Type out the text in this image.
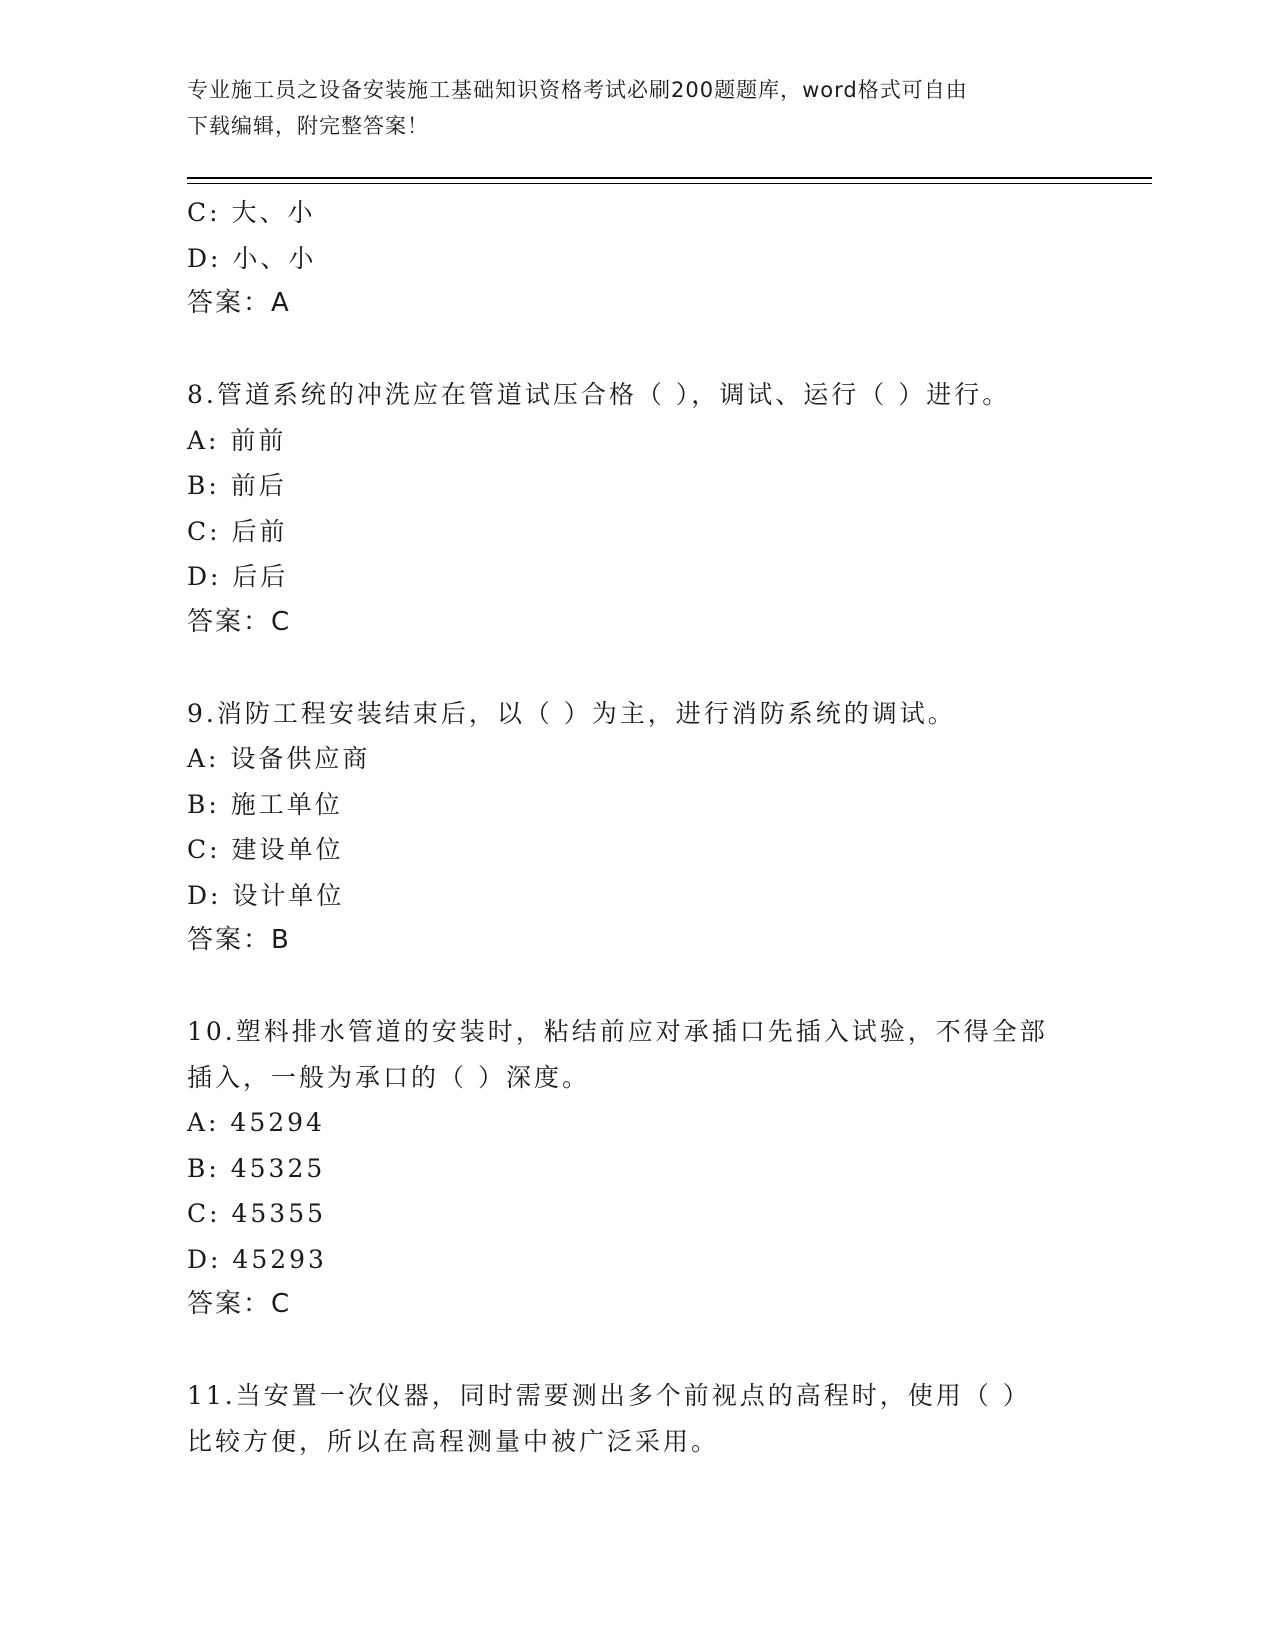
专业施工员之设备安装施工基础知识资格考试必刷200题题库，word格式可自由
下载编辑，附完整答案！
C: 大、小
D: 小、小
答案：A
8.管道系统的冲洗应在管道试压合格（ ），调试、运行（ ）进行。
A: 前前
B: 前后
C: 后前
D: 后后
答案：C
9.消防工程安装结束后，以（ ）为主，进行消防系统的调试。
A: 设备供应商
B: 施工单位
C: 建设单位
D: 设计单位
答案：B
10.塑料排水管道的安装时，粘结前应对承插口先插入试验，不得全部
插入，一般为承口的（ ）深度。
A: 45294
B: 45325
C: 45355
D: 45293
答案：C
11.当安置一次仪器，同时需要测出多个前视点的高程时，使用（ ）
比较方便，所以在高程测量中被广泛采用。
